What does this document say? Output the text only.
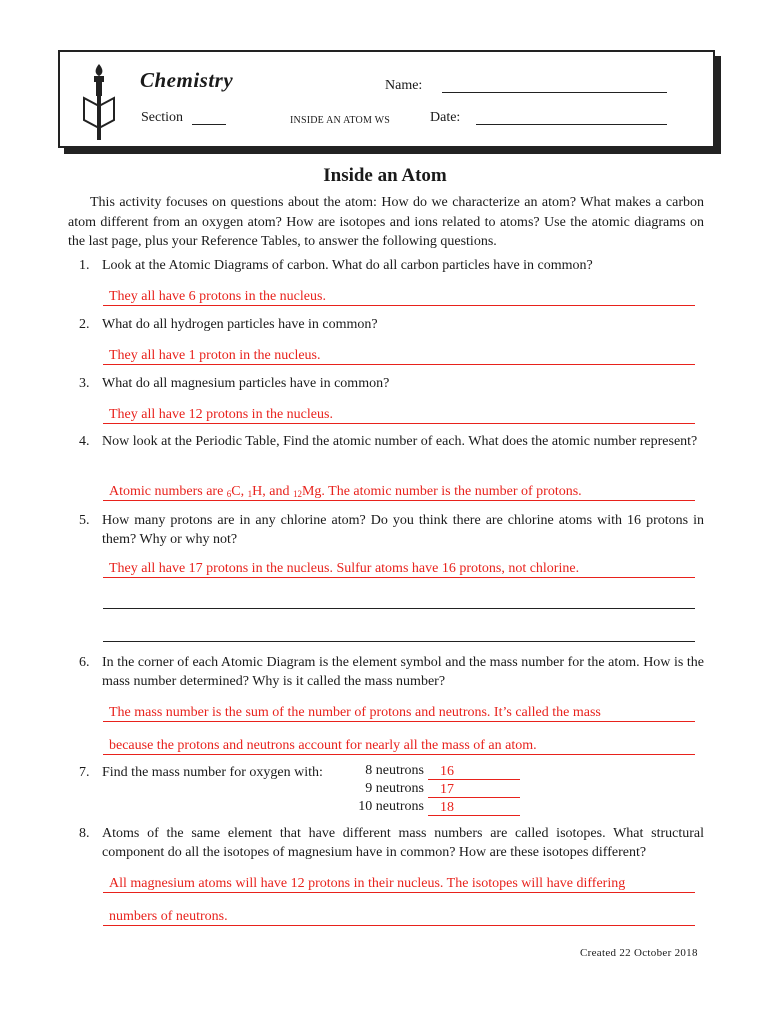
Chemistry	Name:
Section	INSIDE AN ATOM WS	Date:
Inside an Atom
This activity focuses on questions about the atom: How do we characterize an atom? What makes a carbon atom different from an oxygen atom? How are isotopes and ions related to atoms? Use the atomic diagrams on the last page, plus your Reference Tables, to answer the following questions.
1. Look at the Atomic Diagrams of carbon. What do all carbon particles have in common?
They all have 6 protons in the nucleus.
2. What do all hydrogen particles have in common?
They all have 1 proton in the nucleus.
3. What do all magnesium particles have in common?
They all have 12 protons in the nucleus.
4. Now look at the Periodic Table, Find the atomic number of each. What does the atomic number represent?
Atomic numbers are $_6$C, $_1$H, and $_{12}$Mg. The atomic number is the number of protons.
5. How many protons are in any chlorine atom? Do you think there are chlorine atoms with 16 protons in them? Why or why not?
They all have 17 protons in the nucleus. Sulfur atoms have 16 protons, not chlorine.
6. In the corner of each Atomic Diagram is the element symbol and the mass number for the atom. How is the mass number determined? Why is it called the mass number?
The mass number is the sum of the number of protons and neutrons. It’s called the mass
because the protons and neutrons account for nearly all the mass of an atom.
7. Find the mass number for oxygen with:	8 neutrons	16
9 neutrons	17
10 neutrons	18
8. Atoms of the same element that have different mass numbers are called isotopes. What structural component do all the isotopes of magnesium have in common? How are these isotopes different?
All magnesium atoms will have 12 protons in their nucleus. The isotopes will have differing
numbers of neutrons.
Created 22 October 2018
